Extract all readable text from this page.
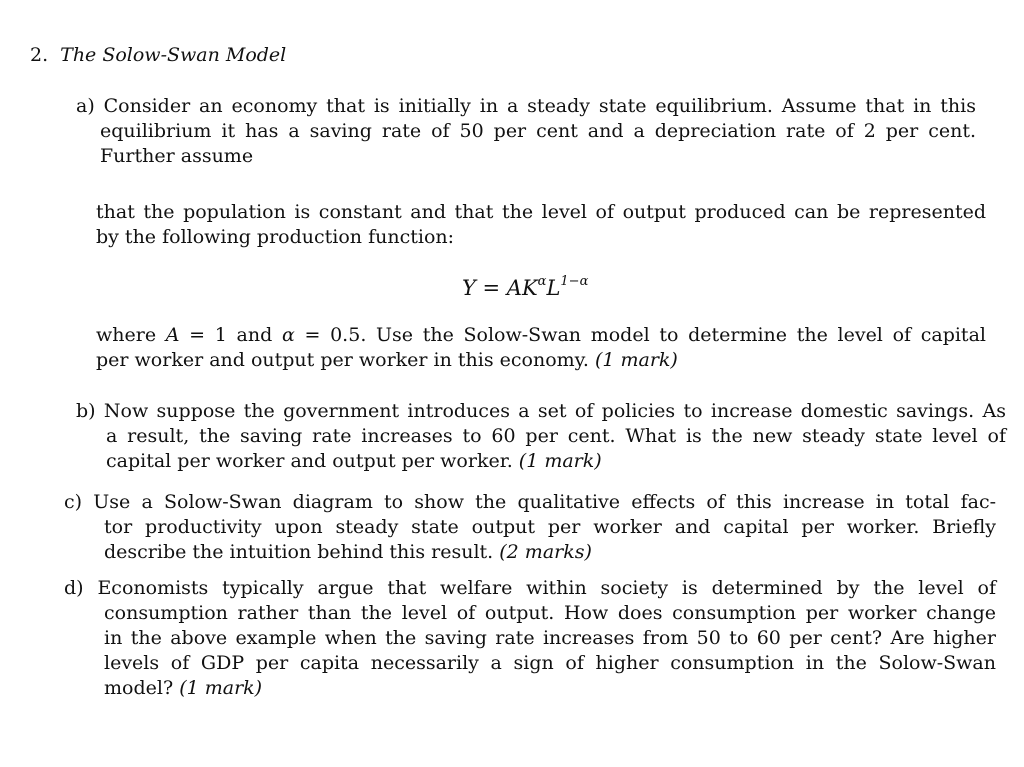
2. The Solow-Swan Model
a) Consider an economy that is initially in a steady state equilibrium. Assume that in this
equilibrium it has a saving rate of 50 per cent and a depreciation rate of 2 per cent.
Further assume
that the population is constant and that the level of output produced can be represented
by the following production function:
$Y = AK^\alpha L^{1-\alpha}$
where A = 1 and α = 0.5. Use the Solow-Swan model to determine the level of capital
per worker and output per worker in this economy. (1 mark)
b) Now suppose the government introduces a set of policies to increase domestic savings. As
a result, the saving rate increases to 60 per cent. What is the new steady state level of
capital per worker and output per worker. (1 mark)
c) Use a Solow-Swan diagram to show the qualitative effects of this increase in total fac-
tor productivity upon steady state output per worker and capital per worker. Briefly
describe the intuition behind this result. (2 marks)
d) Economists typically argue that welfare within society is determined by the level of
consumption rather than the level of output. How does consumption per worker change
in the above example when the saving rate increases from 50 to 60 per cent? Are higher
levels of GDP per capita necessarily a sign of higher consumption in the Solow-Swan
model? (1 mark)
